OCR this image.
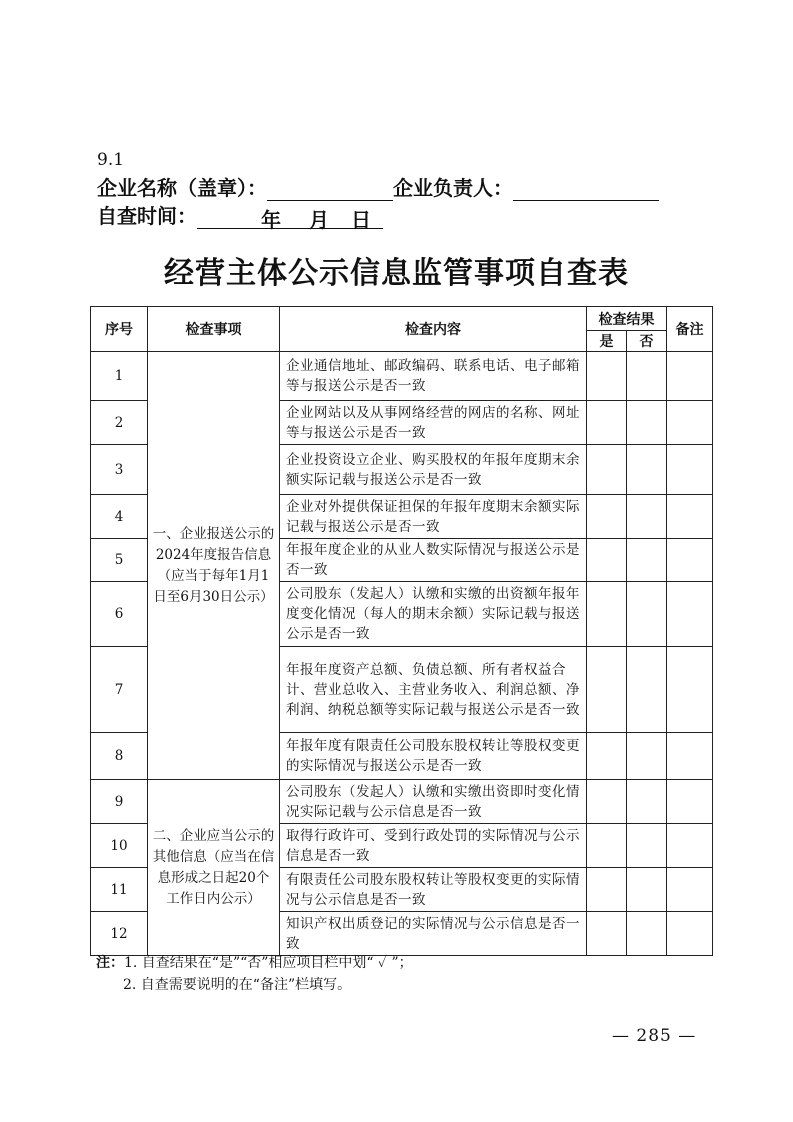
9.1
企业名称（盖章）：	企业负责人：
自查时间：	年 月 日
经营主体公示信息监管事项自查表
序号	检查事项	检查内容	检查结果		备注
			是	否	
1	一、企业报送公示的2024年度报告信息（应当于每年1月1日至6月30日公示）	企业通信地址、邮政编码、联系电话、电子邮箱等与报送公示是否一致			
2		企业网站以及从事网络经营的网店的名称、网址等与报送公示是否一致			
3		企业投资设立企业、购买股权的年报年度期末余额实际记载与报送公示是否一致			
4		企业对外提供保证担保的年报年度期末余额实际记载与报送公示是否一致			
5		年报年度企业的从业人数实际情况与报送公示是否一致			
6		公司股东（发起人）认缴和实缴的出资额年报年度变化情况（每人的期末余额）实际记载与报送公示是否一致			
7		年报年度资产总额、负债总额、所有者权益合计、营业总收入、主营业务收入、利润总额、净利润、纳税总额等实际记载与报送公示是否一致			
8		年报年度有限责任公司股东股权转让等股权变更的实际情况与报送公示是否一致			
9	二、企业应当公示的其他信息（应当在信息形成之日起20个工作日内公示）	公司股东（发起人）认缴和实缴出资即时变化情况实际记载与公示信息是否一致			
10		取得行政许可、受到行政处罚的实际情况与公示信息是否一致			
11		有限责任公司股东股权转让等股权变更的实际情况与公示信息是否一致			
12		知识产权出质登记的实际情况与公示信息是否一致			
注：1. 自查结果在“是”“否”相应项目栏中划“ ✓ ”；
2. 自查需要说明的在“备注”栏填写。
— 285 —
